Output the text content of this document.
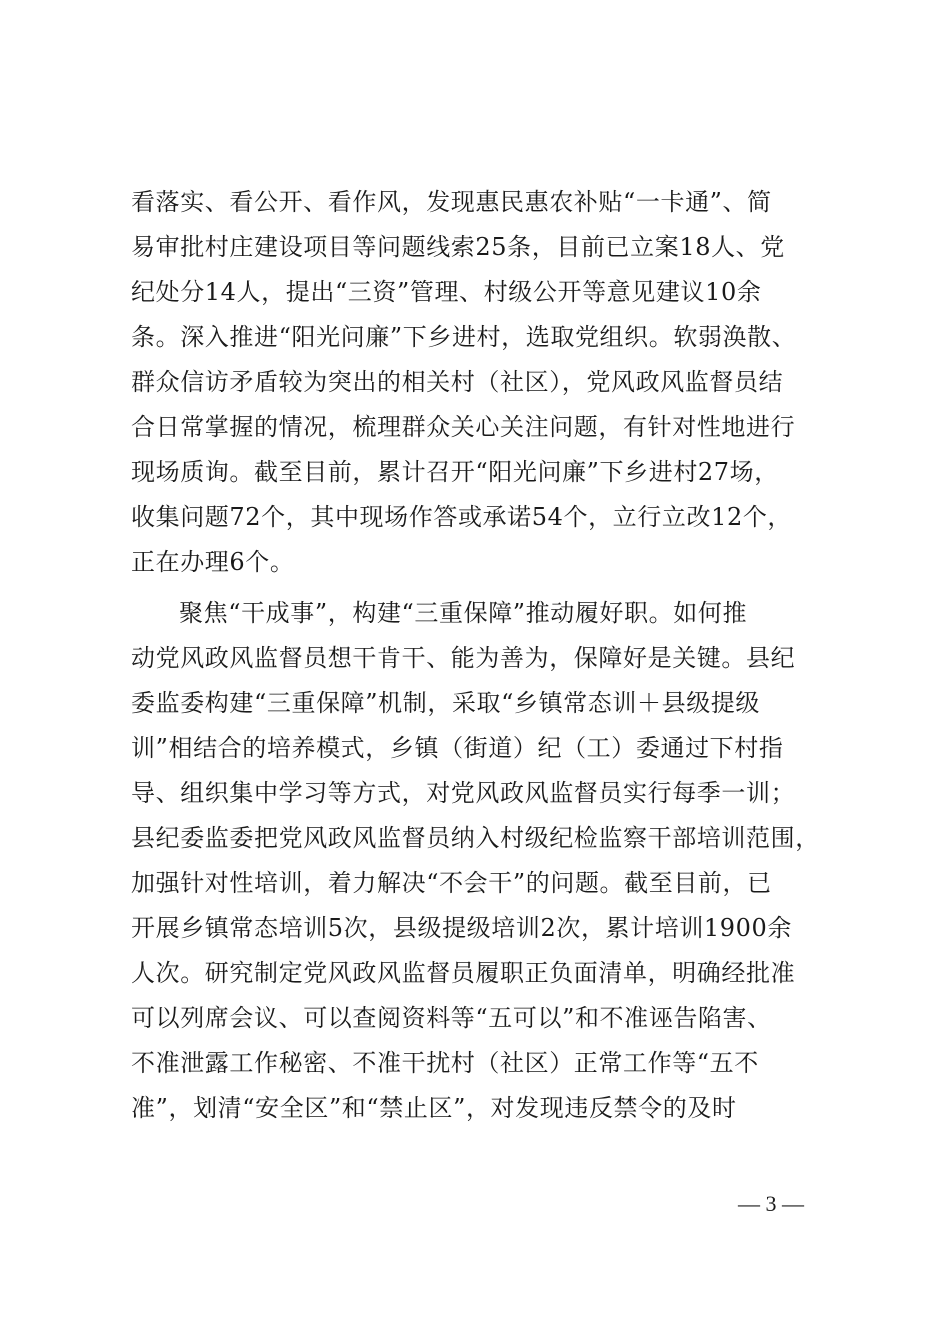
看落实、看公开、看作风，发现惠民惠农补贴“一卡通”、简
易审批村庄建设项目等问题线索25条，目前已立案18人、党
纪处分14人，提出“三资”管理、村级公开等意见建议10余
条。深入推进“阳光问廉”下乡进村，选取党组织。软弱涣散、
群众信访矛盾较为突出的相关村（社区），党风政风监督员结
合日常掌握的情况，梳理群众关心关注问题，有针对性地进行
现场质询。截至目前，累计召开“阳光问廉”下乡进村27场，
收集问题72个，其中现场作答或承诺54个，立行立改12个，
正在办理6个。
聚焦“干成事”，构建“三重保障”推动履好职。如何推
动党风政风监督员想干肯干、能为善为，保障好是关键。县纪
委监委构建“三重保障”机制，采取“乡镇常态训＋县级提级
训”相结合的培养模式，乡镇（街道）纪（工）委通过下村指
导、组织集中学习等方式，对党风政风监督员实行每季一训；
县纪委监委把党风政风监督员纳入村级纪检监察干部培训范围，
加强针对性培训，着力解决“不会干”的问题。截至目前，已
开展乡镇常态培训5次，县级提级培训2次，累计培训1900余
人次。研究制定党风政风监督员履职正负面清单，明确经批准
可以列席会议、可以查阅资料等“五可以”和不准诬告陷害、
不准泄露工作秘密、不准干扰村（社区）正常工作等“五不
准”，划清“安全区”和“禁止区”，对发现违反禁令的及时
— 3 —
